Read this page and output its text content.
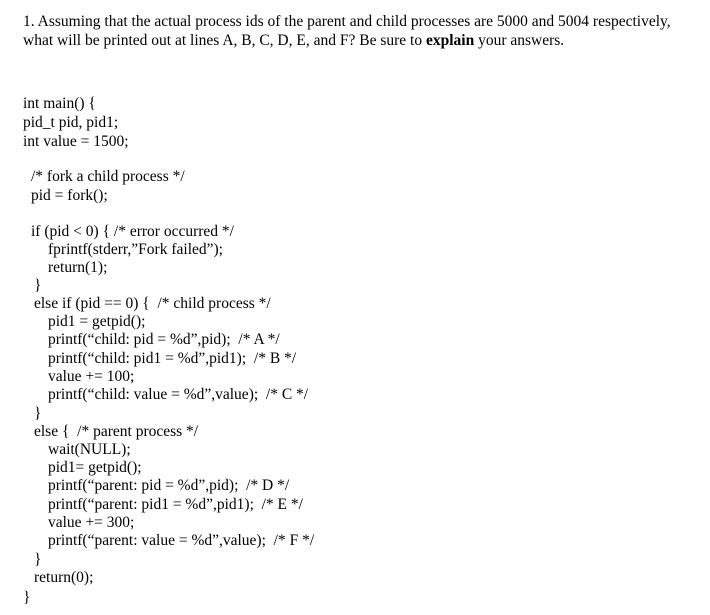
1. Assuming that the actual process ids of the parent and child processes are 5000 and 5004 respectively, what will be printed out at lines A, B, C, D, E, and F? Be sure to explain your answers.
int main() {
pid_t pid, pid1;
int value = 1500;
/* fork a child process */
pid = fork();
if (pid < 0) { /* error occurred */
fprintf(stderr,”Fork failed”);
return(1);
}
else if (pid == 0) {  /* child process */
pid1 = getpid();
printf(“child: pid = %d”,pid);  /* A */
printf(“child: pid1 = %d”,pid1);  /* B */
value += 100;
printf(“child: value = %d”,value);  /* C */
}
else {  /* parent process */
wait(NULL);
pid1= getpid();
printf(“parent: pid = %d”,pid);  /* D */
printf(“parent: pid1 = %d”,pid1);  /* E */
value += 300;
printf(“parent: value = %d”,value);  /* F */
}
return(0);
}
